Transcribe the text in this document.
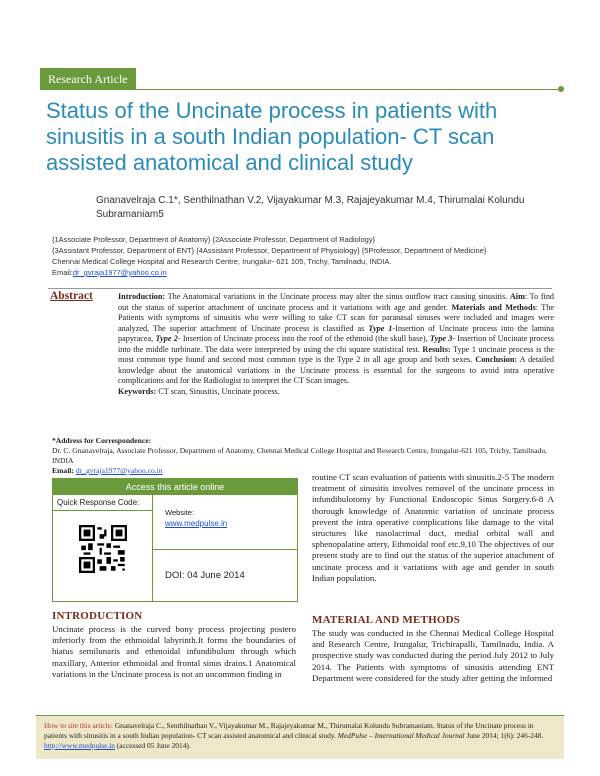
Research Article
Status of the Uncinate process in patients with sinusitis in a south Indian population- CT scan assisted anatomical and clinical study
Gnanavelraja C.1*, Senthilnathan V.2, Vijayakumar M.3, Rajajeyakumar M.4, Thirumalai Kolundu Subramaniam5
{1Associate Professor, Department of Anatomy} {2Associate Professor, Department of Radiology}
{3Assistant Professor, Department of ENT} {4Assistant Professor, Department of Physiology} {5Professor, Department of Medicine}
Chennai Medical College Hospital and Research Centre, Irungalur- 621 105, Trichy, Tamilnadu, INDIA.
Email:dr_gvraja1977@yahoo.co.in
Abstract	Introduction: The Anatomical variations in the Uncinate process may alter the sinus outflow tract causing sinusitis. Aim: To find out the status of superior attachment of uncinate process and it variations with age and gender. Materials and Methods: The Patients with symptoms of sinusitis who were willing to take CT scan for paranasal sinuses were included and images were analyzed, The superior attachment of Uncinate process is classified as Type 1-Insertion of Uncinate process into the lamina papyracea, Type 2- Insertion of Uncinate process into the roof of the ethmoid (the skull base), Type 3- Insertion of Uncinate process into the middle turbinate. The data were interpreted by using the chi square statistical test. Results: Type 1 uncinate process is the most common type found and second most common type is the Type 2 in all age group and both sexes. Conclusion: A detailed knowledge about the anatomical variations in the Uncinate process is essential for the surgeons to avoid intra operative complications and for the Radiologist to interpret the CT Scan images.
Keywords: CT scan, Sinusitis, Uncinate process.
*Address for Correspondence:
Dr. C. Gnanavelraja, Associate Professor, Department of Anatomy, Chennai Medical College Hospital and Research Centre, Irungalur-621 105, Trichy, Tamilnadu, INDIA
Email: dr_gvraja1977@yahoo.co.in

Access this article online
Quick Response Code:
Website:
www.medpulse.in
DOI: 04 June 2014
INTRODUCTION
Uncinate process is the curved bony process projecting postero inferiorly from the ethmoidal labyrinth.It forms the boundaries of hiatus semilunaris and ethmoidal infundibulum through which maxillary, Anterior ethmoidal and frontal sinus drains.1 Anatomical variations in the Uncinate process is not an uncommon finding in
routine CT scan evaluation of patients with sinusitis.2-5 The modern treatment of sinusitis involves removel of the uncinate process in infundibulotomy by Functional Endoscopic Sinus Surgery.6-8 A thorough knowledge of Anatomic variation of uncinate process prevent the intra operative complications like damage to the vital structures like nasolacrimal duct, medial orbital wall and sphenopalatine artery, Ethmoidal roof etc.9,10 The objectives of our present study are to find out the status of the superior attachment of uncinate process and it variations with age and gender in south Indian population.
MATERIAL AND METHODS
The study was conducted in the Chennai Medical College Hospital and Research Centre, Irungalur, Trichirapalli, Tamilnadu, India. A prospective study was conducted during the period July 2012 to July 2014. The Patients with symptoms of sinusitis attending ENT Department were considered for the study after getting the informed
How to site this article: Gnanavelraja C., Senthilnathan V., Vijayakumar M., Rajajeyakumar M., Thirumalai Kolundu Subramaniam. Status of the Uncinate process in patients with sinusitis in a south Indian population- CT scan assisted anatomical and clinical study. MedPulse – International Medical Journal June 2014; 1(6): 246-248. http://www.medpulse.in (accessed 05 June 2014).
